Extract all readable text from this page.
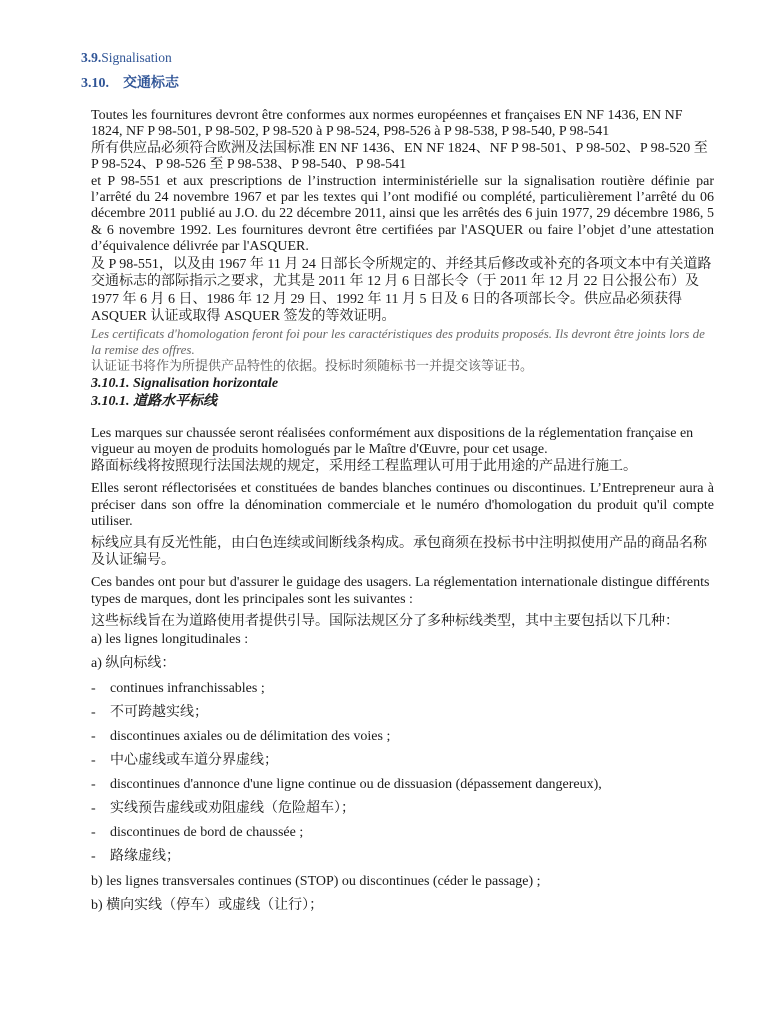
3.9.Signalisation
3.10. 交通标志

Toutes les fournitures devront être conformes aux normes européennes et françaises EN NF 1436, EN NF 1824, NF P 98-501, P 98-502, P 98-520 à P 98-524, P98-526 à P 98-538, P 98-540, P 98-541

所有供应品必须符合欧洲及法国标准 EN NF 1436、EN NF 1824、NF P 98-501、P 98-502、P 98-520 至 P 98-524、P 98-526 至 P 98-538、P 98-540、P 98-541

et P 98-551 et aux prescriptions de l’instruction interministérielle sur la signalisation routière définie par l’arrêté du 24 novembre 1967 et par les textes qui l’ont modifié ou complété, particulièrement l’arrêté du 06 décembre 2011 publié au J.O. du 22 décembre 2011, ainsi que les arrêtés des 6 juin 1977, 29 décembre 1986, 5 & 6 novembre 1992. Les fournitures devront être certifiées par l'ASQUER ou faire l’objet d’une attestation d’équivalence délivrée par l'ASQUER.

及 P 98-551，以及由 1967 年 11 月 24 日部长令所规定的、并经其后修改或补充的各项文本中有关道路交通标志的部际指示之要求，尤其是 2011 年 12 月 6 日部长令（于 2011 年 12 月 22 日公报公布）及 1977 年 6 月 6 日、1986 年 12 月 29 日、1992 年 11 月 5 日及 6 日的各项部长令。供应品必须获得 ASQUER 认证或取得 ASQUER 签发的等效证明。

Les certificats d'homologation feront foi pour les caractéristiques des produits proposés. Ils devront être joints lors de la remise des offres.

认证证书将作为所提供产品特性的依据。投标时须随标书一并提交该等证书。

3.10.1. Signalisation horizontale
3.10.1. 道路水平标线

Les marques sur chaussée seront réalisées conformément aux dispositions de la réglementation française en vigueur au moyen de produits homologués par le Maître d'Œuvre, pour cet usage.

路面标线将按照现行法国法规的规定，采用经工程监理认可用于此用途的产品进行施工。

Elles seront réflectorisées et constituées de bandes blanches continues ou discontinues. L’Entrepreneur aura à préciser dans son offre la dénomination commerciale et le numéro d'homologation du produit qu'il compte utiliser.

标线应具有反光性能，由白色连续或间断线条构成。承包商须在投标书中注明拟使用产品的商品名称及认证编号。

Ces bandes ont pour but d'assurer le guidage des usagers. La réglementation internationale distingue différents types de marques, dont les principales sont les suivantes :

这些标线旨在为道路使用者提供引导。国际法规区分了多种标线类型，其中主要包括以下几种：

a) les lignes longitudinales :
a) 纵向标线：
- continues infranchissables ;
- 不可跨越实线；
- discontinues axiales ou de délimitation des voies ;
- 中心虚线或车道分界虚线；
- discontinues d'annonce d'une ligne continue ou de dissuasion (dépassement dangereux),
- 实线预告虚线或劝阻虚线（危险超车）；
- discontinues de bord de chaussée ;
- 路缘虚线；
b) les lignes transversales continues (STOP) ou discontinues (céder le passage) ;
b) 横向实线（停车）或虚线（让行）；
